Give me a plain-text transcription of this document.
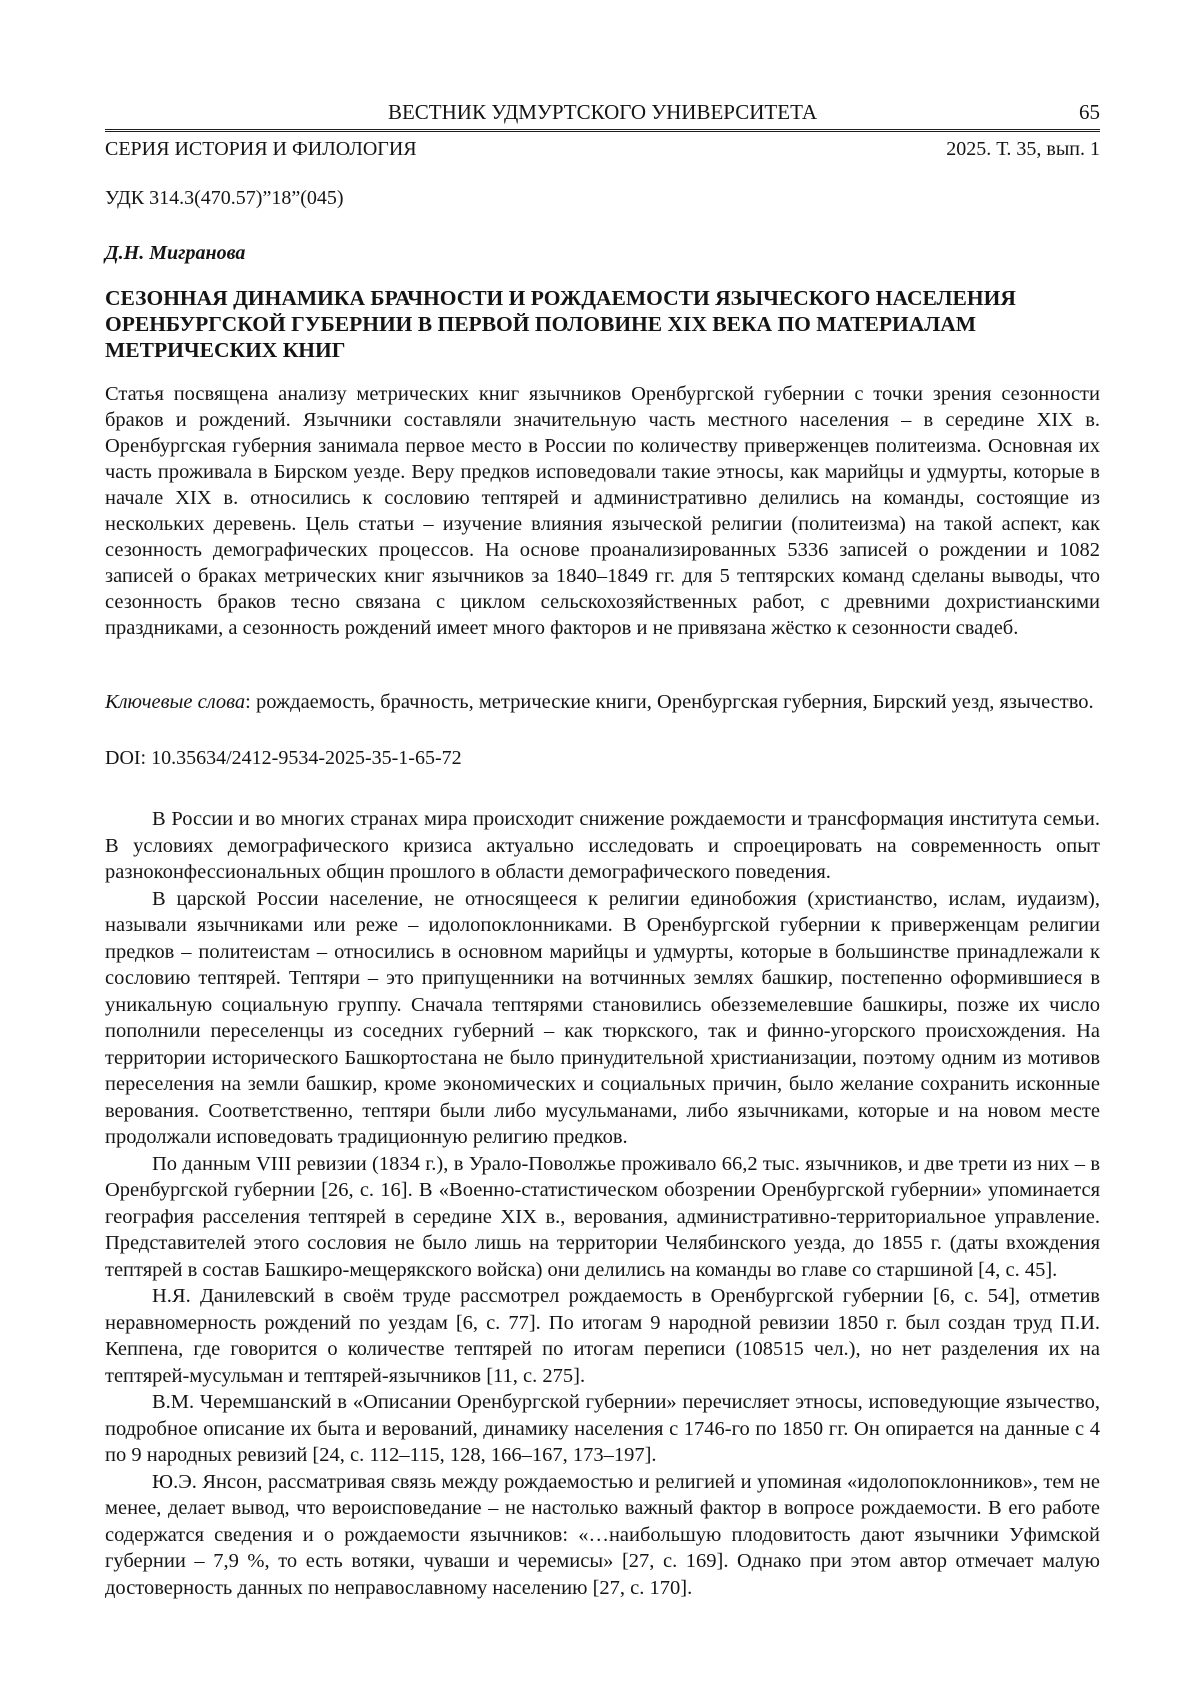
ВЕСТНИК УДМУРТСКОГО УНИВЕРСИТЕТА	65
СЕРИЯ ИСТОРИЯ И ФИЛОЛОГИЯ	2025. Т. 35, вып. 1
УДК 314.3(470.57)”18”(045)
Д.Н. Мигранова
СЕЗОННАЯ ДИНАМИКА БРАЧНОСТИ И РОЖДАЕМОСТИ ЯЗЫЧЕСКОГО НАСЕЛЕНИЯ ОРЕНБУРГСКОЙ ГУБЕРНИИ В ПЕРВОЙ ПОЛОВИНЕ XIX ВЕКА ПО МАТЕРИАЛАМ МЕТРИЧЕСКИХ КНИГ
Статья посвящена анализу метрических книг язычников Оренбургской губернии с точки зрения сезонности браков и рождений. Язычники составляли значительную часть местного населения – в середине XIX в. Оренбургская губерния занимала первое место в России по количеству приверженцев политеизма. Основная их часть проживала в Бирском уезде. Веру предков исповедовали такие этносы, как марийцы и удмурты, которые в начале XIX в. относились к сословию тептярей и административно делились на команды, состоящие из нескольких деревень. Цель статьи – изучение влияния языческой религии (политеизма) на такой аспект, как сезонность демографических процессов. На основе проанализированных 5336 записей о рождении и 1082 записей о браках метрических книг язычников за 1840–1849 гг. для 5 тептярских команд сделаны выводы, что сезонность браков тесно связана с циклом сельскохозяйственных работ, с древними дохристианскими праздниками, а сезонность рождений имеет много факторов и не привязана жёстко к сезонности свадеб.
Ключевые слова: рождаемость, брачность, метрические книги, Оренбургская губерния, Бирский уезд, язычество.
DOI: 10.35634/2412-9534-2025-35-1-65-72

В России и во многих странах мира происходит снижение рождаемости и трансформация института семьи. В условиях демографического кризиса актуально исследовать и спроецировать на современность опыт разноконфессиональных общин прошлого в области демографического поведения.

В царской России население, не относящееся к религии единобожия (христианство, ислам, иудаизм), называли язычниками или реже – идолопоклонниками. В Оренбургской губернии к приверженцам религии предков – политеистам – относились в основном марийцы и удмурты, которые в большинстве принадлежали к сословию тептярей. Тептяри – это припущенники на вотчинных землях башкир, постепенно оформившиеся в уникальную социальную группу. Сначала тептярями становились обезземелевшие башкиры, позже их число пополнили переселенцы из соседних губерний – как тюркского, так и финно-угорского происхождения. На территории исторического Башкортостана не было принудительной христианизации, поэтому одним из мотивов переселения на земли башкир, кроме экономических и социальных причин, было желание сохранить исконные верования. Соответственно, тептяри были либо мусульманами, либо язычниками, которые и на новом месте продолжали исповедовать традиционную религию предков.

По данным VIII ревизии (1834 г.), в Урало-Поволжье проживало 66,2 тыс. язычников, и две трети из них – в Оренбургской губернии [26, с. 16]. В «Военно-статистическом обозрении Оренбургской губернии» упоминается география расселения тептярей в середине XIX в., верования, административно-территориальное управление. Представителей этого сословия не было лишь на территории Челябинского уезда, до 1855 г. (даты вхождения тептярей в состав Башкиро-мещерякского войска) они делились на команды во главе со старшиной [4, с. 45].

Н.Я. Данилевский в своём труде рассмотрел рождаемость в Оренбургской губернии [6, с. 54], отметив неравномерность рождений по уездам [6, с. 77]. По итогам 9 народной ревизии 1850 г. был создан труд П.И. Кеппена, где говорится о количестве тептярей по итогам переписи (108515 чел.), но нет разделения их на тептярей-мусульман и тептярей-язычников [11, с. 275].

В.М. Черемшанский в «Описании Оренбургской губернии» перечисляет этносы, исповедующие язычество, подробное описание их быта и верований, динамику населения с 1746-го по 1850 гг. Он опирается на данные с 4 по 9 народных ревизий [24, с. 112–115, 128, 166–167, 173–197].

Ю.Э. Янсон, рассматривая связь между рождаемостью и религией и упоминая «идолопоклонников», тем не менее, делает вывод, что вероисповедание – не настолько важный фактор в вопросе рождаемости. В его работе содержатся сведения и о рождаемости язычников: «…наибольшую плодовитость дают язычники Уфимской губернии – 7,9 %, то есть вотяки, чуваши и черемисы» [27, с. 169]. Однако при этом автор отмечает малую достоверность данных по неправославному населению [27, с. 170].
